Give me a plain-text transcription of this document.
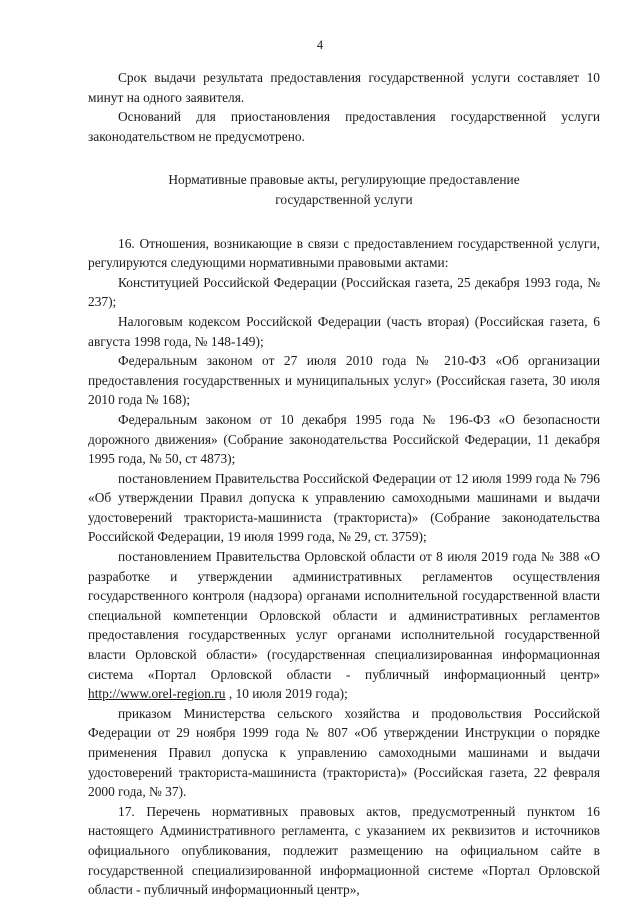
4

Срок выдачи результата предоставления государственной услуги составляет 10 минут на одного заявителя.

Оснований для приостановления предоставления государственной услуги законодательством не предусмотрено.

Нормативные правовые акты, регулирующие предоставление государственной услуги

16. Отношения, возникающие в связи с предоставлением государственной услуги, регулируются следующими нормативными правовыми актами:

Конституцией Российской Федерации (Российская газета, 25 декабря 1993 года, № 237);

Налоговым кодексом Российской Федерации (часть вторая) (Российская газета, 6 августа 1998 года, № 148-149);

Федеральным законом от 27 июля 2010 года № 210-ФЗ «Об организации предоставления государственных и муниципальных услуг» (Российская газета, 30 июля 2010 года № 168);

Федеральным законом от 10 декабря 1995 года № 196-ФЗ «О безопасности дорожного движения» (Собрание законодательства Российской Федерации, 11 декабря 1995 года, № 50, ст 4873);

постановлением Правительства Российской Федерации от 12 июля 1999 года № 796 «Об утверждении Правил допуска к управлению самоходными машинами и выдачи удостоверений тракториста-машиниста (тракториста)» (Собрание законодательства Российской Федерации, 19 июля 1999 года, № 29, ст. 3759);

постановлением Правительства Орловской области от 8 июля 2019 года № 388 «О разработке и утверждении административных регламентов осуществления государственного контроля (надзора) органами исполнительной государственной власти специальной компетенции Орловской области и административных регламентов предоставления государственных услуг органами исполнительной государственной власти Орловской области» (государственная специализированная информационная система «Портал Орловской области - публичный информационный центр» http://www.orel-region.ru , 10 июля 2019 года);

приказом Министерства сельского хозяйства и продовольствия Российской Федерации от 29 ноября 1999 года № 807 «Об утверждении Инструкции о порядке применения Правил допуска к управлению самоходными машинами и выдачи удостоверений тракториста-машиниста (тракториста)» (Российская газета, 22 февраля 2000 года, № 37).

17. Перечень нормативных правовых актов, предусмотренный пунктом 16 настоящего Административного регламента, с указанием их реквизитов и источников официального опубликования, подлежит размещению на официальном сайте в государственной специализированной информационной системе «Портал Орловской области - публичный информационный центр»,
